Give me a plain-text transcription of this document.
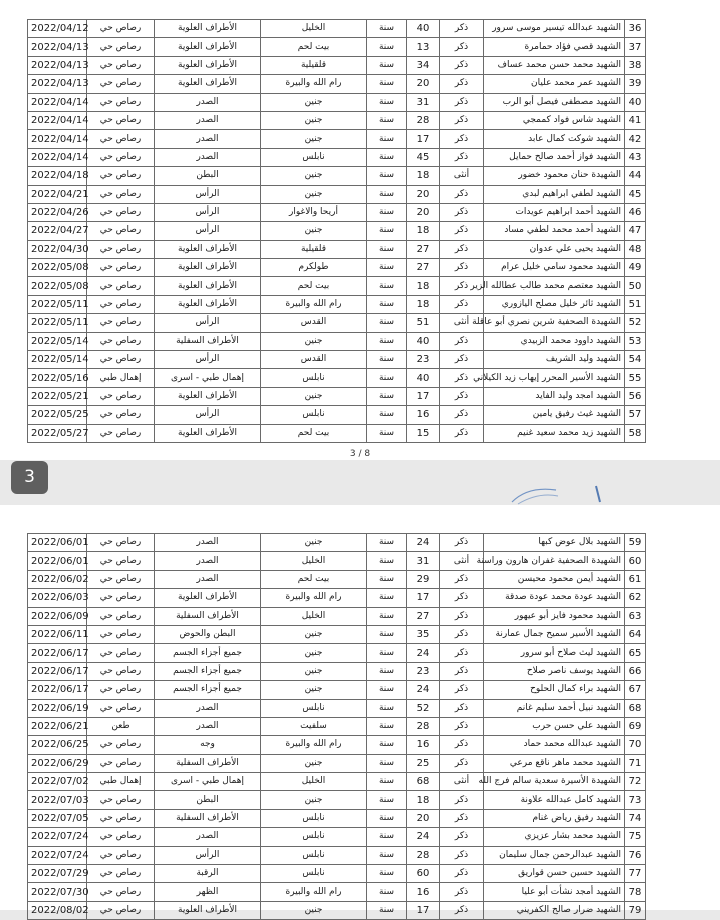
36	الشهيد عبدالله تيسير موسى سرور	ذكر	40	سنة	الخليل	الأطراف العلوية	رصاص حي	2022/04/12
37	الشهيد قصي فؤاد حمامرة	ذكر	13	سنة	بيت لحم	الأطراف العلوية	رصاص حي	2022/04/13
38	الشهيد محمد حسن محمد عساف	ذكر	34	سنة	قلقيلية	الأطراف العلوية	رصاص حي	2022/04/13
39	الشهيد عمر محمد عليان	ذكر	20	سنة	رام الله والبيرة	الأطراف العلوية	رصاص حي	2022/04/13
40	الشهيد مصطفى فيصل أبو الرب	ذكر	31	سنة	جنين	الصدر	رصاص حي	2022/04/14
41	الشهيد شاس فواد كممجي	ذكر	28	سنة	جنين	الصدر	رصاص حي	2022/04/14
42	الشهيد شوكت كمال عابد	ذكر	17	سنة	جنين	الصدر	رصاص حي	2022/04/14
43	الشهيد فواز أحمد صالح حمايل	ذكر	45	سنة	نابلس	الصدر	رصاص حي	2022/04/14
44	الشهيدة حنان محمود خضور	أنثى	18	سنة	جنين	البطن	رصاص حي	2022/04/18
45	الشهيد لطفي ابراهيم لبدي	ذكر	20	سنة	جنين	الرأس	رصاص حي	2022/04/21
46	الشهيد أحمد ابراهيم عويدات	ذكر	20	سنة	أريحا والاغوار	الرأس	رصاص حي	2022/04/26
47	الشهيد أحمد محمد لطفي مساد	ذكر	18	سنة	جنين	الرأس	رصاص حي	2022/04/27
48	الشهيد يحيى علي عدوان	ذكر	27	سنة	قلقيلية	الأطراف العلوية	رصاص حي	2022/04/30
49	الشهيد محمود سامي خليل عرام	ذكر	27	سنة	طولكرم	الأطراف العلوية	رصاص حي	2022/05/08
50	الشهيد معتصم محمد طالب عطالله الزير	ذكر	18	سنة	بيت لحم	الأطراف العلوية	رصاص حي	2022/05/08
51	الشهيد ثائر خليل مصلح اليازوري	ذكر	18	سنة	رام الله والبيرة	الأطراف العلوية	رصاص حي	2022/05/11
52	الشهيدة الصحفية شرين نصري أبو عاقلة	أنثى	51	سنة	القدس	الرأس	رصاص حي	2022/05/11
53	الشهيد داوود محمد الزبيدي	ذكر	40	سنة	جنين	الأطراف السفلية	رصاص حي	2022/05/14
54	الشهيد وليد الشريف	ذكر	23	سنة	القدس	الرأس	رصاص حي	2022/05/14
55	الشهيد الأسير المحرر إيهاب زيد الكيلاني	ذكر	40	سنة	نابلس	إهمال طبي - اسرى	إهمال طبي	2022/05/16
56	الشهيد امجد وليد الفايد	ذكر	17	سنة	جنين	الأطراف العلوية	رصاص حي	2022/05/21
57	الشهيد غيث رفيق يامين	ذكر	16	سنة	نابلس	الرأس	رصاص حي	2022/05/25
58	الشهيد زيد محمد سعيد غنيم	ذكر	15	سنة	بيت لحم	الأطراف العلوية	رصاص حي	2022/05/27
3 / 8
3
59	الشهيد بلال عوض كبها	ذكر	24	سنة	جنين	الصدر	رصاص حي	2022/06/01
60	الشهيدة الصحفية غفران هارون وراسنة	أنثى	31	سنة	الخليل	الصدر	رصاص حي	2022/06/01
61	الشهيد أيمن محمود محيسن	ذكر	29	سنة	بيت لحم	الصدر	رصاص حي	2022/06/02
62	الشهيد عودة محمد عودة صدقة	ذكر	17	سنة	رام الله والبيرة	الأطراف العلوية	رصاص حي	2022/06/03
63	الشهيد محمود فايز أبو عيهور	ذكر	27	سنة	الخليل	الأطراف السفلية	رصاص حي	2022/06/09
64	الشهيد الأسير سميح جمال عمارنة	ذكر	35	سنة	جنين	البطن والحوض	رصاص حي	2022/06/11
65	الشهيد ليث صلاح أبو سرور	ذكر	24	سنة	جنين	جميع أجزاء الجسم	رصاص حي	2022/06/17
66	الشهيد يوسف ناصر صلاح	ذكر	23	سنة	جنين	جميع أجزاء الجسم	رصاص حي	2022/06/17
67	الشهيد براء كمال الحلوح	ذكر	24	سنة	جنين	جميع أجزاء الجسم	رصاص حي	2022/06/17
68	الشهيد نبيل أحمد سليم غانم	ذكر	52	سنة	نابلس	الصدر	رصاص حي	2022/06/19
69	الشهيد علي حسن حرب	ذكر	28	سنة	سلفيت	الصدر	طعن	2022/06/21
70	الشهيد عبدالله محمد حماد	ذكر	16	سنة	رام الله والبيرة	وجه	رصاص حي	2022/06/25
71	الشهيد محمد ماهر ناقع مرعي	ذكر	25	سنة	جنين	الأطراف السفلية	رصاص حي	2022/06/29
72	الشهيدة الأسيرة سعدية سالم فرج الله	أنثى	68	سنة	الخليل	إهمال طبي - اسرى	إهمال طبي	2022/07/02
73	الشهيد كامل عبدالله علاونة	ذكر	18	سنة	جنين	البطن	رصاص حي	2022/07/03
74	الشهيد رفيق رياض غنام	ذكر	20	سنة	نابلس	الأطراف السفلية	رصاص حي	2022/07/05
75	الشهيد محمد بشار عزيزي	ذكر	24	سنة	نابلس	الصدر	رصاص حي	2022/07/24
76	الشهيد عبدالرحمن جمال سليمان	ذكر	28	سنة	نابلس	الرأس	رصاص حي	2022/07/24
77	الشهيد حسين حسن قواريق	ذكر	60	سنة	نابلس	الرقبة	رصاص حي	2022/07/29
78	الشهيد أمجد نشأت أبو عليا	ذكر	16	سنة	رام الله والبيرة	الظهر	رصاص حي	2022/07/30
79	الشهيد ضرار صالح الكفريني	ذكر	17	سنة	جنين	الأطراف العلوية	رصاص حي	2022/08/02
